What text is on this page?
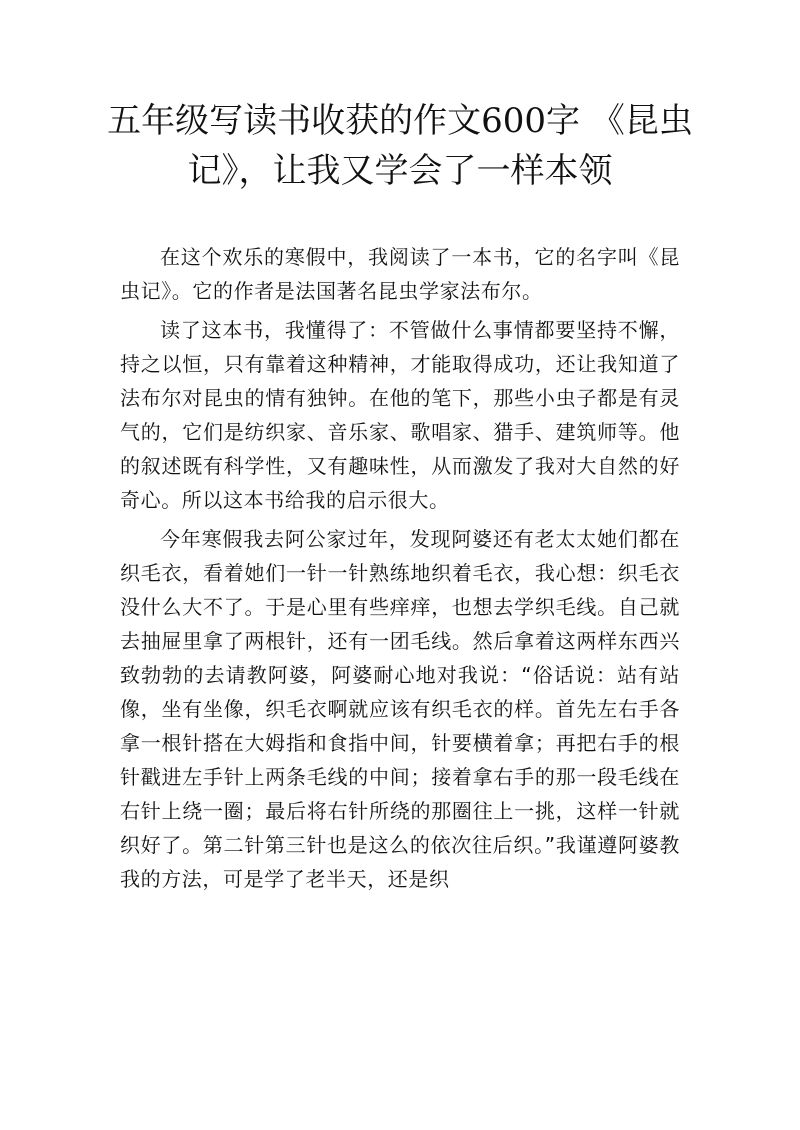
五年级写读书收获的作文600字 《昆虫
记》，让我又学会了一样本领

在这个欢乐的寒假中，我阅读了一本书，它的名字叫《昆虫记》。它的作者是法国著名昆虫学家法布尔。

读了这本书，我懂得了：不管做什么事情都要坚持不懈，持之以恒，只有靠着这种精神，才能取得成功，还让我知道了法布尔对昆虫的情有独钟。在他的笔下，那些小虫子都是有灵气的，它们是纺织家、音乐家、歌唱家、猎手、建筑师等。他的叙述既有科学性，又有趣味性，从而激发了我对大自然的好奇心。所以这本书给我的启示很大。

今年寒假我去阿公家过年，发现阿婆还有老太太她们都在织毛衣，看着她们一针一针熟练地织着毛衣，我心想：织毛衣没什么大不了。于是心里有些痒痒，也想去学织毛线。自己就去抽屉里拿了两根针，还有一团毛线。然后拿着这两样东西兴致勃勃的去请教阿婆，阿婆耐心地对我说：“俗话说：站有站像，坐有坐像，织毛衣啊就应该有织毛衣的样。首先左右手各拿一根针搭在大姆指和食指中间，针要横着拿；再把右手的根针戳进左手针上两条毛线的中间；接着拿右手的那一段毛线在右针上绕一圈；最后将右针所绕的那圈往上一挑，这样一针就织好了。第二针第三针也是这么的依次往后织。”我谨遵阿婆教我的方法，可是学了老半天，还是织
